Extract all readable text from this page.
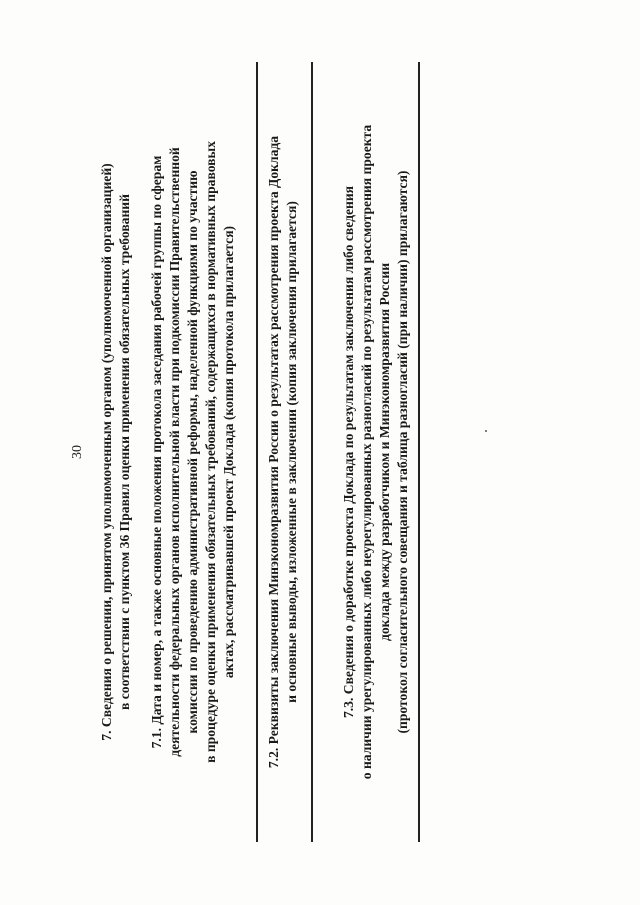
30 7. Сведения о решении, принятом уполномоченным органом (уполномоченной организацией) в соответствии с пунктом 36 Правил оценки применения обязательных требований 7.1. Дата и номер, а также основные положения протокола заседания рабочей группы по сферам деятельности федеральных органов исполнительной власти при подкомиссии Правительственной комиссии по проведению административной реформы, наделенной функциями по участию в процедуре оценки применения обязательных требований, содержащихся в нормативных правовых актах, рассматривавшей проект Доклада (копия протокола прилагается) 7.2. Реквизиты заключения Минэкономразвития России о результатах рассмотрения проекта Доклада и основные выводы, изложенные в заключении (копия заключения прилагается)	7.3. Сведения о доработке проекта Доклада по результатам заключения либо сведения о наличии урегулированных либо неурегулированных разногласий по результатам рассмотрения проекта доклада между разработчиком и Минэкономразвития России (протокол согласительного совещания и таблица разногласий (при наличии) прилагаются)
